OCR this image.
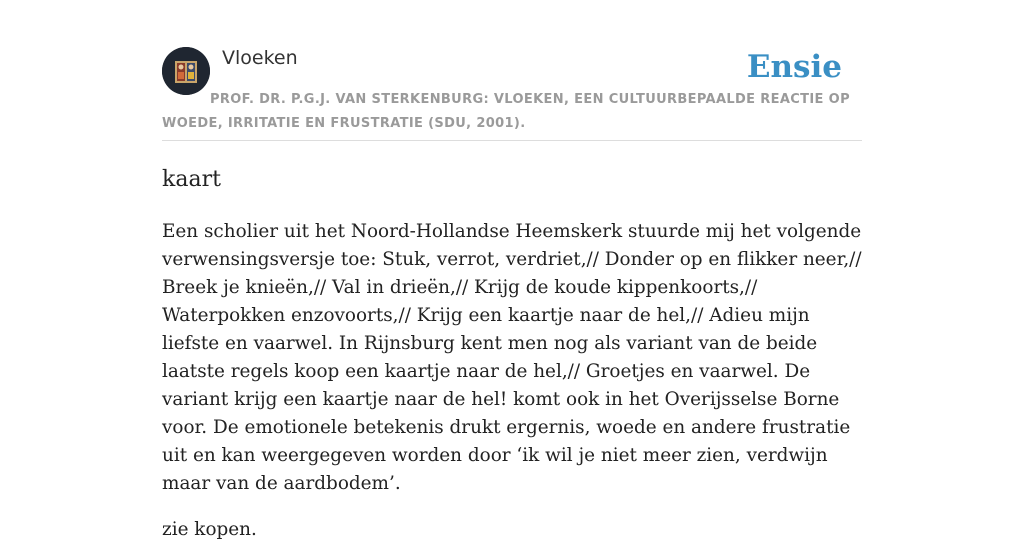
Vloeken	Ensie
PROF. DR. P.G.J. VAN STERKENBURG: VLOEKEN, EEN CULTUURBEPAALDE REACTIE OP WOEDE, IRRITATIE EN FRUSTRATIE (SDU, 2001).
kaart

Een scholier uit het Noord-Hollandse Heemskerk stuurde mij het volgende verwensingsversje toe: Stuk, verrot, verdriet,// Donder op en flikker neer,// Breek je knieën,// Val in drieën,// Krijg de koude kippenkoorts,// Waterpokken enzovoorts,// Krijg een kaartje naar de hel,// Adieu mijn liefste en vaarwel. In Rijnsburg kent men nog als variant van de beide laatste regels koop een kaartje naar de hel,// Groetjes en vaarwel. De variant krijg een kaartje naar de hel! komt ook in het Overijsselse Borne voor. De emotionele betekenis drukt ergernis, woede en andere frustratie uit en kan weergegeven worden door ‘ik wil je niet meer zien, verdwijn maar van de aardbodem’.

zie kopen.
